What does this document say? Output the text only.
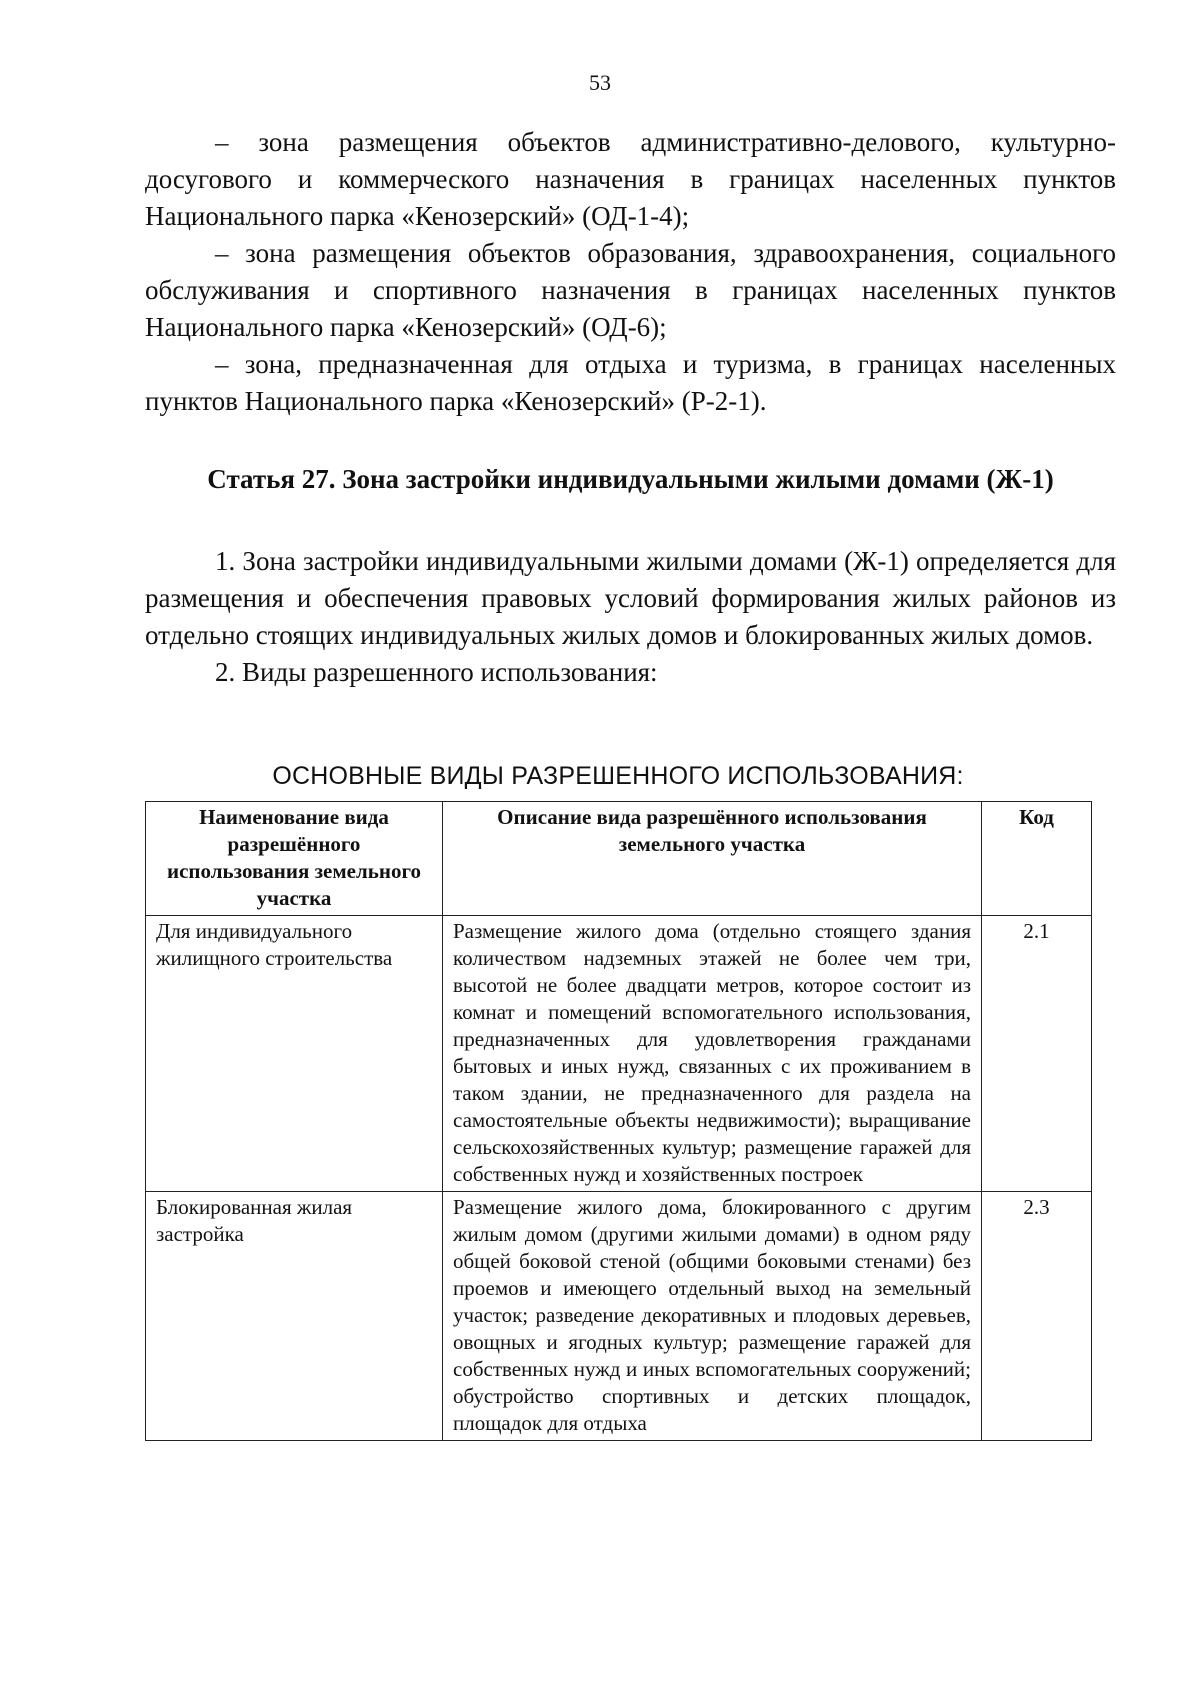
53

– зона размещения объектов административно-делового, культурно-досугового и коммерческого назначения в границах населенных пунктов Национального парка «Кенозерский» (ОД-1-4);

– зона размещения объектов образования, здравоохранения, социального обслуживания и спортивного назначения в границах населенных пунктов Национального парка «Кенозерский» (ОД-6);

– зона, предназначенная для отдыха и туризма, в границах населенных пунктов Национального парка «Кенозерский» (Р-2-1).

Статья 27. Зона застройки индивидуальными жилыми домами (Ж-1)

1. Зона застройки индивидуальными жилыми домами (Ж-1) определяется для размещения и обеспечения правовых условий формирования жилых районов из отдельно стоящих индивидуальных жилых домов и блокированных жилых домов.

2. Виды разрешенного использования:

ОСНОВНЫЕ ВИДЫ РАЗРЕШЕННОГО ИСПОЛЬЗОВАНИЯ:
Наименование вида разрешённого использования земельного участка	Описание вида разрешённого использования земельного участка	Код
Для индивидуального жилищного строительства	Размещение жилого дома (отдельно стоящего здания количеством надземных этажей не более чем три, высотой не более двадцати метров, которое состоит из комнат и помещений вспомогательного использования, предназначенных для удовлетворения гражданами бытовых и иных нужд, связанных с их проживанием в таком здании, не предназначенного для раздела на самостоятельные объекты недвижимости); выращивание сельскохозяйственных культур; размещение гаражей для собственных нужд и хозяйственных построек	2.1
Блокированная жилая застройка	Размещение жилого дома, блокированного с другим жилым домом (другими жилыми домами) в одном ряду общей боковой стеной (общими боковыми стенами) без проемов и имеющего отдельный выход на земельный участок; разведение декоративных и плодовых деревьев, овощных и ягодных культур; размещение гаражей для собственных нужд и иных вспомогательных сооружений; обустройство спортивных и детских площадок, площадок для отдыха	2.3
